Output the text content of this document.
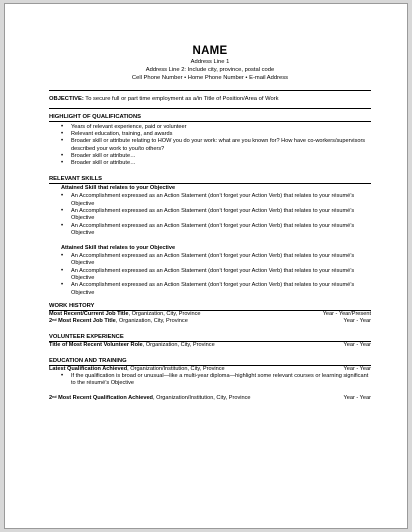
NAME
Address Line 1
Address Line 2: Include city, province, postal code
Cell Phone Number • Home Phone Number • E-mail Address
OBJECTIVE: To secure full or part time employment as a/in Title of Position/Area of Work
HIGHLIGHT OF QUALIFICATIONS
• Years of relevant experience, paid or volunteer
• Relevant education, training, and awards
• Broader skill or attribute relating to HOW you do your work: what are you known for? How have co-workers/supervisors described your work to you/to others?
• Broader skill or attribute…
• Broader skill or attribute…
RELEVANT SKILLS
Attained Skill that relates to your Objective
• An Accomplishment expressed as an Action Statement (don’t forget your Action Verb) that relates to your résumé’s Objective
• An Accomplishment expressed as an Action Statement (don’t forget your Action Verb) that relates to your résumé’s Objective
• An Accomplishment expressed as an Action Statement (don’t forget your Action Verb) that relates to your résumé’s Objective
Attained Skill that relates to your Objective
• An Accomplishment expressed as an Action Statement (don’t forget your Action Verb) that relates to your résumé’s Objective
• An Accomplishment expressed as an Action Statement (don’t forget your Action Verb) that relates to your résumé’s Objective
• An Accomplishment expressed as an Action Statement (don’t forget your Action Verb) that relates to your résumé’s Objective
WORK HISTORY
Most Recent/Current Job Title, Organization, City, Province	Year - Year/Present
2nd Most Recent Job Title, Organization, City, Province	Year - Year
VOLUNTEER EXPERIENCE
Title of Most Recent Volunteer Role, Organization, City, Province	Year - Year
EDUCATION AND TRAINING
Latest Qualification Achieved, Organization/Institution, City, Province	Year - Year
• If the qualification is broad or unusual—like a multi-year diploma—highlight some relevant courses or learning significant to the résumé’s Objective
2nd Most Recent Qualification Achieved, Organization/Institution, City, Province	Year - Year
